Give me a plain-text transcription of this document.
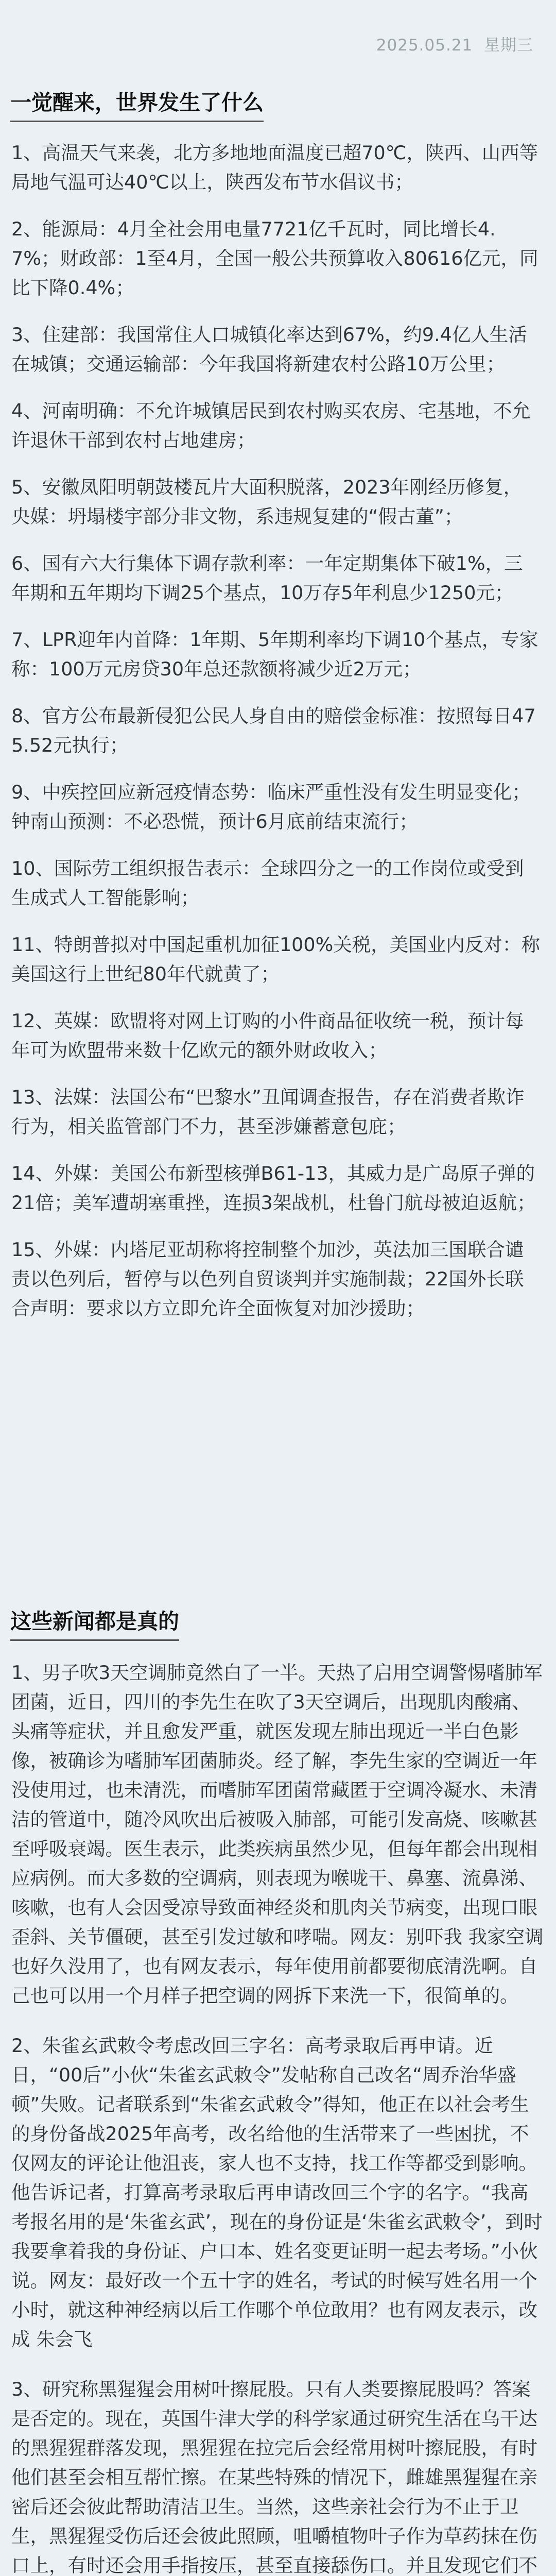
2025.05.21 星期三
一觉醒来，世界发生了什么

1、高温天气来袭，北方多地地面温度已超70℃，陕西、山西等局地气温可达40℃以上，陕西发布节水倡议书；

2、能源局：4月全社会用电量7721亿千瓦时，同比增长4.7%；财政部：1至4月，全国一般公共预算收入80616亿元，同比下降0.4%；

3、住建部：我国常住人口城镇化率达到67%，约9.4亿人生活在城镇；交通运输部：今年我国将新建农村公路10万公里；

4、河南明确：不允许城镇居民到农村购买农房、宅基地，不允许退休干部到农村占地建房；

5、安徽凤阳明朝鼓楼瓦片大面积脱落，2023年刚经历修复，央媒：坍塌楼宇部分非文物，系违规复建的“假古董”；

6、国有六大行集体下调存款利率：一年定期集体下破1%，三年期和五年期均下调25个基点，10万存5年利息少1250元；

7、LPR迎年内首降：1年期、5年期利率均下调10个基点，专家称：100万元房贷30年总还款额将减少近2万元；

8、官方公布最新侵犯公民人身自由的赔偿金标准：按照每日475.52元执行；

9、中疾控回应新冠疫情态势：临床严重性没有发生明显变化；钟南山预测：不必恐慌，预计6月底前结束流行；

10、国际劳工组织报告表示：全球四分之一的工作岗位或受到生成式人工智能影响；

11、特朗普拟对中国起重机加征100%关税，美国业内反对：称美国这行上世纪80年代就黄了；

12、英媒：欧盟将对网上订购的小件商品征收统一税，预计每年可为欧盟带来数十亿欧元的额外财政收入；

13、法媒：法国公布“巴黎水”丑闻调查报告，存在消费者欺诈行为，相关监管部门不力，甚至涉嫌蓄意包庇；

14、外媒：美国公布新型核弹B61-13，其威力是广岛原子弹的21倍；美军遭胡塞重挫，连损3架战机，杜鲁门航母被迫返航；

15、外媒：内塔尼亚胡称将控制整个加沙，英法加三国联合谴责以色列后，暂停与以色列自贸谈判并实施制裁；22国外长联合声明：要求以方立即允许全面恢复对加沙援助；

这些新闻都是真的

1、男子吹3天空调肺竟然白了一半。天热了启用空调警惕嗜肺军团菌，近日，四川的李先生在吹了3天空调后，出现肌肉酸痛、头痛等症状，并且愈发严重，就医发现左肺出现近一半白色影像，被确诊为嗜肺军团菌肺炎。经了解，李先生家的空调近一年没使用过，也未清洗，而嗜肺军团菌常藏匿于空调冷凝水、未清洁的管道中，随冷风吹出后被吸入肺部，可能引发高烧、咳嗽甚至呼吸衰竭。医生表示，此类疾病虽然少见，但每年都会出现相应病例。而大多数的空调病，则表现为喉咙干、鼻塞、流鼻涕、咳嗽，也有人会因受凉导致面神经炎和肌肉关节病变，出现口眼歪斜、关节僵硬，甚至引发过敏和哮喘。网友：别吓我 我家空调也好久没用了，也有网友表示，每年使用前都要彻底清洗啊。自己也可以用一个月样子把空调的网拆下来洗一下，很简单的。

2、朱雀玄武敕令考虑改回三字名：高考录取后再申请。近日，“00后”小伙“朱雀玄武敕令”发帖称自己改名“周乔治华盛顿”失败。记者联系到“朱雀玄武敕令”得知，他正在以社会考生的身份备战2025年高考，改名给他的生活带来了一些困扰，不仅网友的评论让他沮丧，家人也不支持，找工作等都受到影响。他告诉记者，打算高考录取后再申请改回三个字的名字。“我高考报名用的是‘朱雀玄武’，现在的身份证是‘朱雀玄武敕令’，到时我要拿着我的身份证、户口本、姓名变更证明一起去考场。”小伙说。网友：最好改一个五十字的姓名，考试的时候写姓名用一个小时，就这种神经病以后工作哪个单位敢用？也有网友表示，改成 朱会飞

3、研究称黑猩猩会用树叶擦屁股。只有人类要擦屁股吗？答案是否定的。现在，英国牛津大学的科学家通过研究生活在乌干达的黑猩猩群落发现，黑猩猩在拉完后会经常用树叶擦屁股，有时他们甚至会相互帮忙擦。在某些特殊的情况下，雌雄黑猩猩在亲密后还会彼此帮助清洁卫生。当然，这些亲社会行为不止于卫生，黑猩猩受伤后还会彼此照顾，咀嚼植物叶子作为草药抹在伤口上，有时还会用手指按压，甚至直接舔伤口。并且发现它们不
